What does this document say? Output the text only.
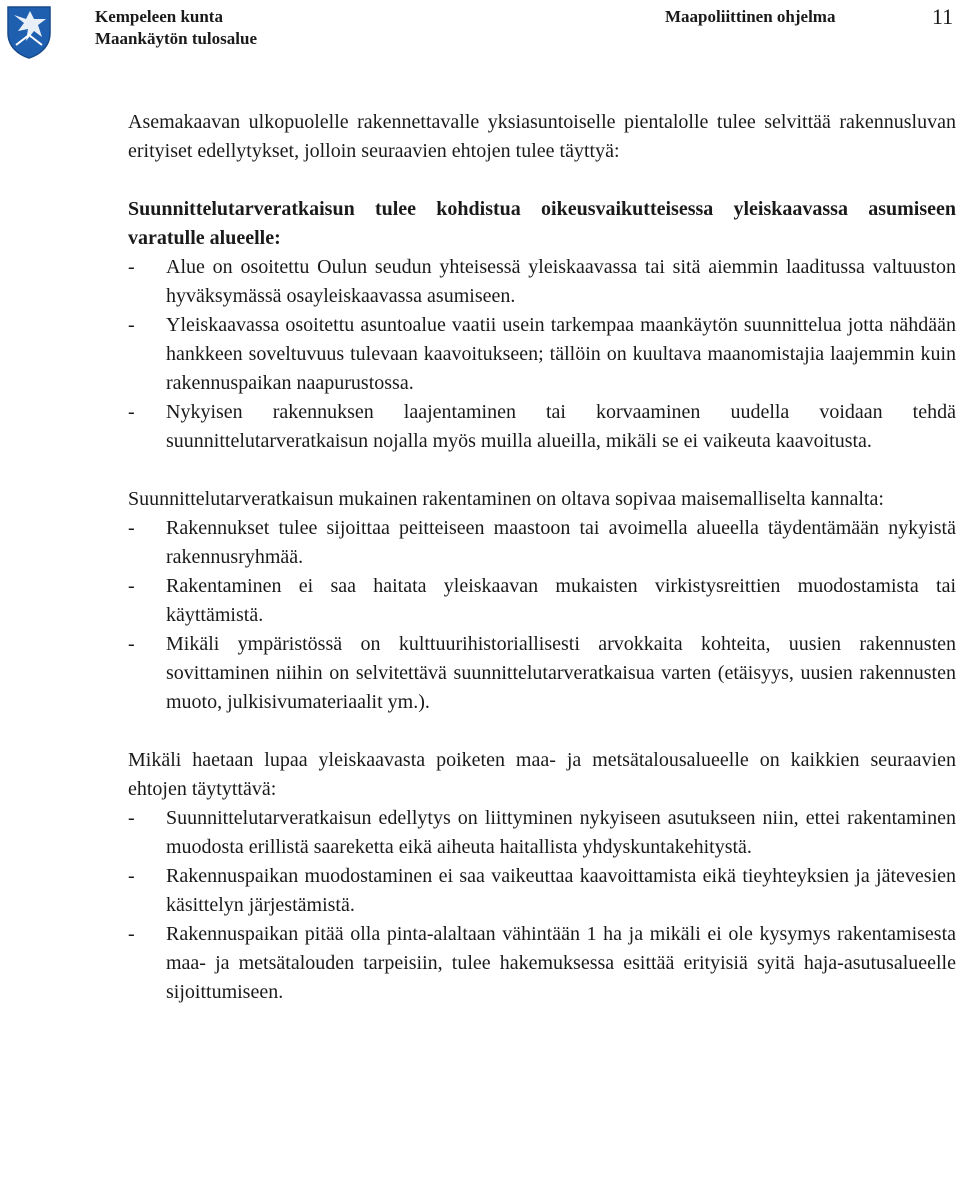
Kempeleen kunta
Maankäytön tulosalue
Maapoliittinen ohjelma	11

Asemakaavan ulkopuolelle rakennettavalle yksiasuntoiselle pientalolle tulee selvittää rakennusluvan erityiset edellytykset, jolloin seuraavien ehtojen tulee täyttyä:

Suunnittelutarveratkaisun tulee kohdistua oikeusvaikutteisessa yleiskaavassa asumiseen varatulle alueelle:

- Alue on osoitettu Oulun seudun yhteisessä yleiskaavassa tai sitä aiemmin laaditussa valtuuston hyväksymässä osayleiskaavassa asumiseen.
- Yleiskaavassa osoitettu asuntoalue vaatii usein tarkempaa maankäytön suunnittelua jotta nähdään hankkeen soveltuvuus tulevaan kaavoitukseen; tällöin on kuultava maanomistajia laajemmin kuin rakennuspaikan naapurustossa.
- Nykyisen rakennuksen laajentaminen tai korvaaminen uudella voidaan tehdä suunnittelutarveratkaisun nojalla myös muilla alueilla, mikäli se ei vaikeuta kaavoitusta.

Suunnittelutarveratkaisun mukainen rakentaminen on oltava sopivaa maisemalliselta kannalta:

- Rakennukset tulee sijoittaa peitteiseen maastoon tai avoimella alueella täydentämään nykyistä rakennusryhmää.
- Rakentaminen ei saa haitata yleiskaavan mukaisten virkistysreittien muodostamista tai käyttämistä.
- Mikäli ympäristössä on kulttuurihistoriallisesti arvokkaita kohteita, uusien rakennusten sovittaminen niihin on selvitettävä suunnittelutarveratkaisua varten (etäisyys, uusien rakennusten muoto, julkisivumateriaalit ym.).

Mikäli haetaan lupaa yleiskaavasta poiketen maa- ja metsätalousalueelle on kaikkien seuraavien ehtojen täytyttävä:

- Suunnittelutarveratkaisun edellytys on liittyminen nykyiseen asutukseen niin, ettei rakentaminen muodosta erillistä saareketta eikä aiheuta haitallista yhdyskuntakehitystä.
- Rakennuspaikan muodostaminen ei saa vaikeuttaa kaavoittamista eikä tieyhteyksien ja jätevesien käsittelyn järjestämistä.
- Rakennuspaikan pitää olla pinta-alaltaan vähintään 1 ha ja mikäli ei ole kysymys rakentamisesta maa- ja metsätalouden tarpeisiin, tulee hakemuksessa esittää erityisiä syitä haja-asutusalueelle sijoittumiseen.
